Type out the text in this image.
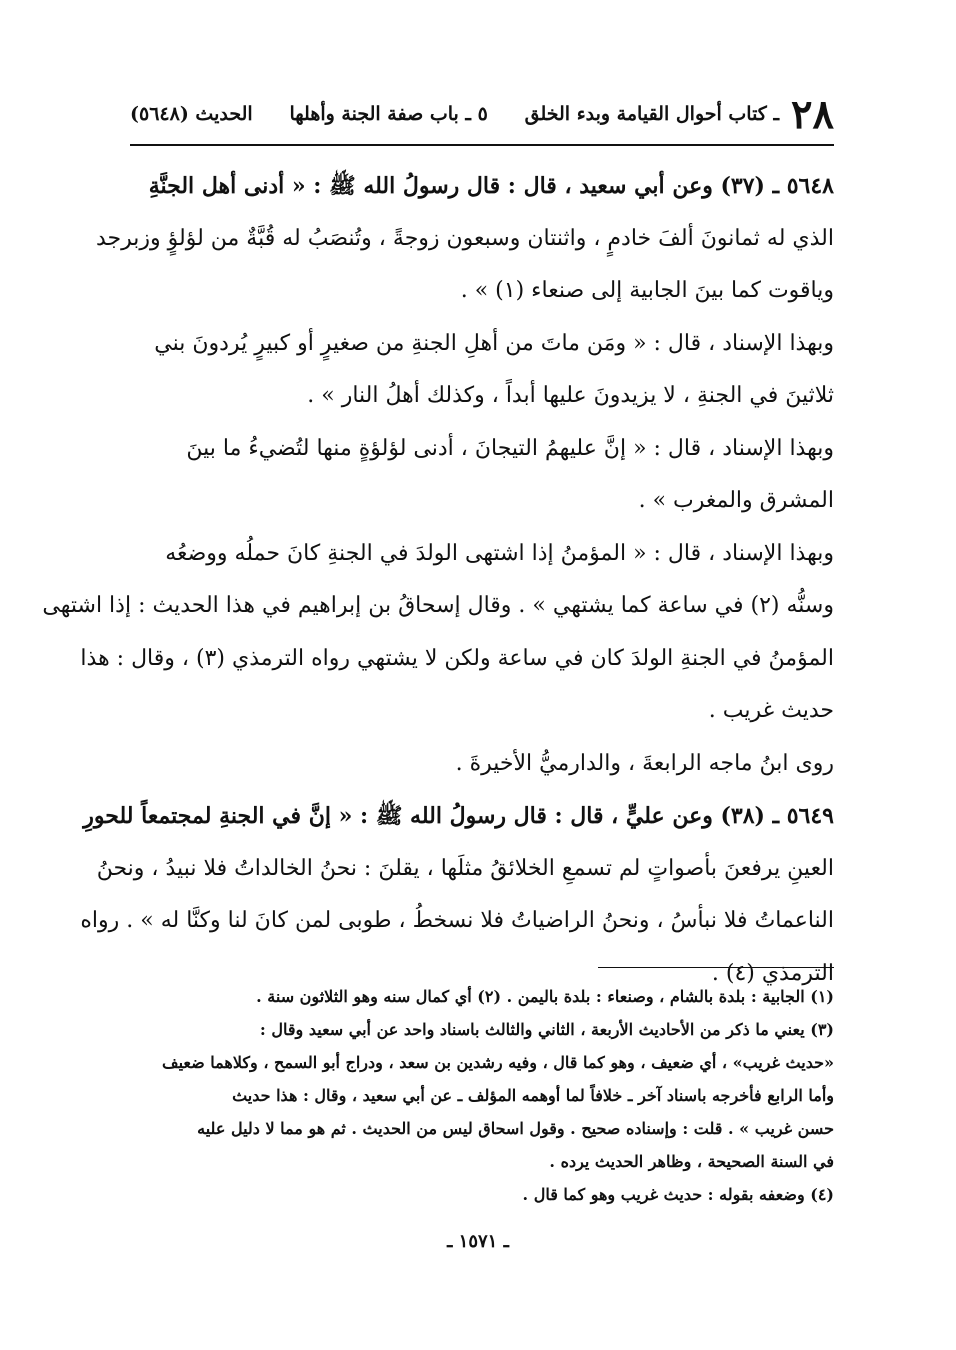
٢٨
ـ كتاب أحوال القيامة وبدء الخلق
٥ ـ باب صفة الجنة وأهلها
الحديث (٥٦٤٨)
٥٦٤٨ ـ (٣٧) وعن أبي سعيد ، قال : قال رسولُ الله ﷺ : « أدنى أهل الجنَّةِ
الذي له ثمانونَ ألفَ خادمٍ ، واثنتان وسبعون زوجةً ، وتُنصَبُ له قُبَّةٌ من لؤلؤٍ وزبرجد
وياقوت كما بينَ الجابية إلى صنعاء (١) » .
وبهذا الإسناد ، قال : « ومَن ماتَ من أهلِ الجنةِ من صغيرٍ أو كبيرٍ يُردونَ بني
ثلاثينَ في الجنةِ ، لا يزيدونَ عليها أبداً ، وكذلك أهلُ النار » .
وبهذا الإسناد ، قال : « إنَّ عليهمُ التيجانَ ، أدنى لؤلؤةٍ منها لتُضيءُ ما بينَ
المشرق والمغرب » .
وبهذا الإسناد ، قال : « المؤمنُ إذا اشتهى الولدَ في الجنةِ كانَ حملُه ووضعُه
وسنُّه (٢) في ساعة كما يشتهي » . وقال إسحاقُ بن إبراهيم في هذا الحديث : إذا اشتهى
المؤمنُ في الجنةِ الولدَ كان في ساعة ولكن لا يشتهي رواه الترمذي (٣) ، وقال : هذا
حديث غريب .
روى ابنُ ماجه الرابعةَ ، والدارميُّ الأخيرةَ .
٥٦٤٩ ـ (٣٨) وعن عليٍّ ، قال : قال رسولُ الله ﷺ : « إنَّ في الجنةِ لمجتمعاً للحورِ
العينِ يرفعنَ بأصواتٍ لم تسمعِ الخلائقُ مثلَها ، يقلنَ : نحنُ الخالداتُ فلا نبيدُ ، ونحنُ
الناعماتُ فلا نبأسُ ، ونحنُ الراضياتُ فلا نسخطُ ، طوبى لمن كانَ لنا وكنَّا له » . رواه
الترمذي (٤) .
(١) الجابية : بلدة بالشام ، وصنعاء : بلدة باليمن . (٢) أي كمال سنه وهو الثلاثون سنة .
(٣) يعني ما ذكر من الأحاديث الأربعة ، الثاني والثالث باسناد واحد عن أبي سعيد وقال :
«حديث غريب» ، أي ضعيف ، وهو كما قال ، وفيه رشدين بن سعد ، ودراج أبو السمح ، وكلاهما ضعيف
وأما الرابع فأخرجه باسناد آخر ـ خلافاً لما أوهمه المؤلف ـ عن أبي سعيد ، وقال : هذا حديث
حسن غريب » . قلت : وإسناده صحيح . وقول اسحاق ليس من الحديث . ثم هو مما لا دليل عليه
في السنة الصحيحة ، وظاهر الحديث يرده .
(٤) وضعفه بقوله : حديث غريب وهو كما قال .
ـ ١٥٧١ ـ
